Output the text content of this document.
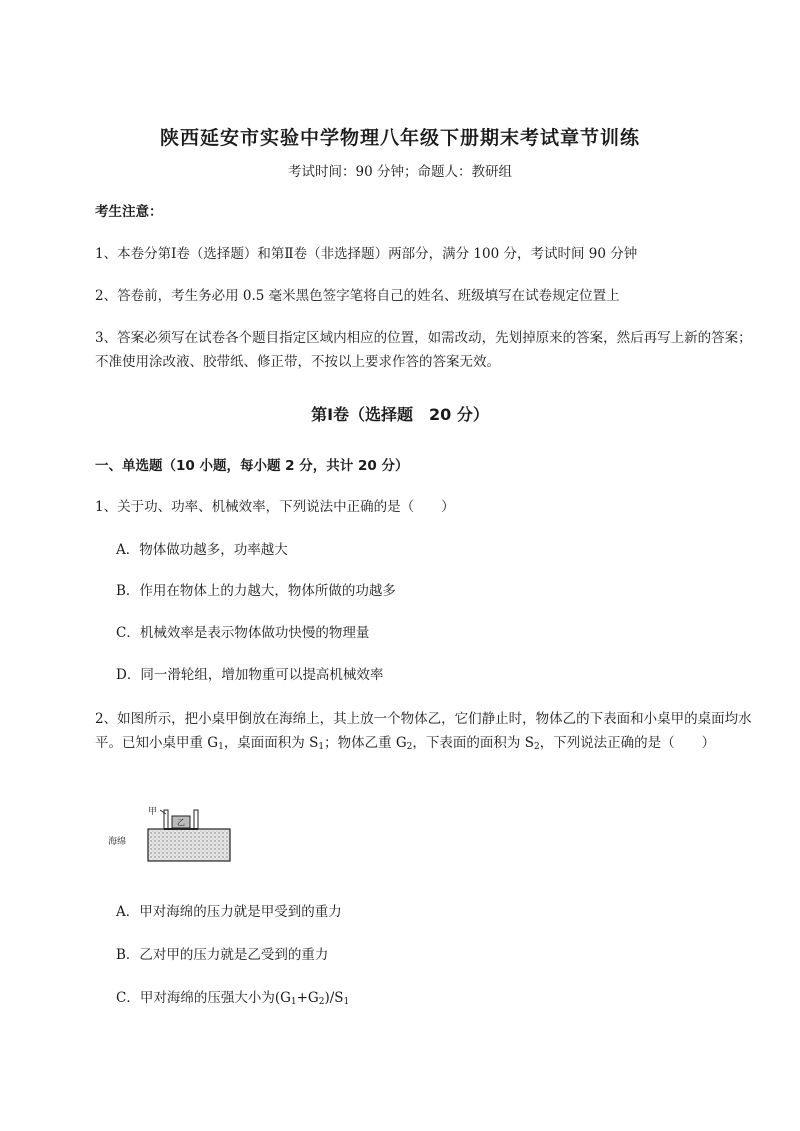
陕西延安市实验中学物理八年级下册期末考试章节训练
考试时间：90 分钟；命题人：教研组
考生注意：
1、本卷分第Ⅰ卷（选择题）和第Ⅱ卷（非选择题）两部分，满分 100 分，考试时间 90 分钟
2、答卷前，考生务必用 0.5 毫米黑色签字笔将自己的姓名、班级填写在试卷规定位置上
3、答案必须写在试卷各个题目指定区域内相应的位置，如需改动，先划掉原来的答案，然后再写上新的答案；不准使用涂改液、胶带纸、修正带，不按以上要求作答的答案无效。
第Ⅰ卷（选择题　20 分）
一、单选题（10 小题，每小题 2 分，共计 20 分）
1、关于功、功率、机械效率，下列说法中正确的是（　　）
A．物体做功越多，功率越大
B．作用在物体上的力越大，物体所做的功越多
C．机械效率是表示物体做功快慢的物理量
D．同一滑轮组，增加物重可以提高机械效率
2、如图所示，把小桌甲倒放在海绵上，其上放一个物体乙，它们静止时，物体乙的下表面和小桌甲的桌面均水平。已知小桌甲重 $G_1$，桌面面积为 $S_1$；物体乙重 $G_2$，下表面的面积为 $S_2$，下列说法正确的是（　　）
甲
乙
海绵
A．甲对海绵的压力就是甲受到的重力
B．乙对甲的压力就是乙受到的重力
C．甲对海绵的压强大小为$(G_1+G_2)/S_1$
